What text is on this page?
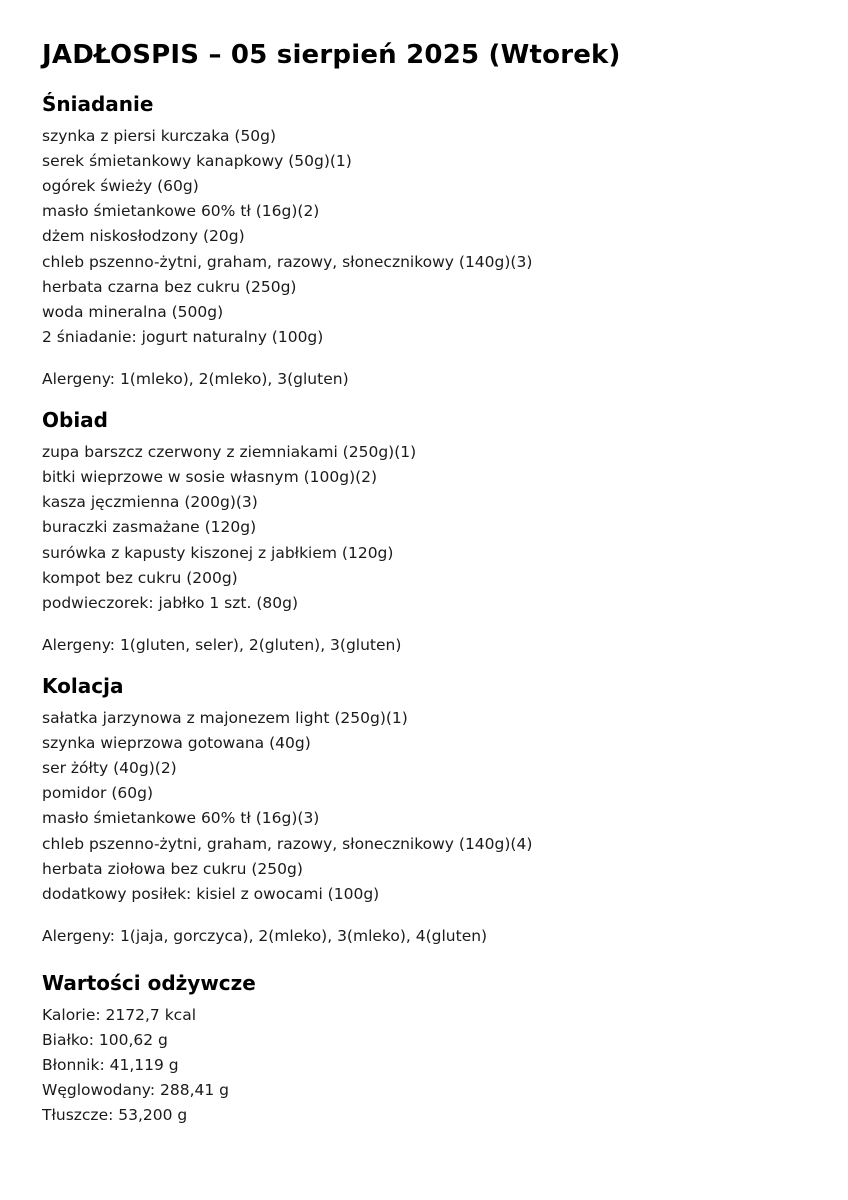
JADŁOSPIS – 05 sierpień 2025 (Wtorek)
Śniadanie
szynka z piersi kurczaka (50g)
serek śmietankowy kanapkowy (50g)(1)
ogórek świeży (60g)
masło śmietankowe 60% tł (16g)(2)
dżem niskosłodzony (20g)
chleb pszenno-żytni, graham, razowy, słonecznikowy (140g)(3)
herbata czarna bez cukru (250g)
woda mineralna (500g)
2 śniadanie: jogurt naturalny (100g)

Alergeny: 1(mleko), 2(mleko), 3(gluten)

Obiad
zupa barszcz czerwony z ziemniakami (250g)(1)
bitki wieprzowe w sosie własnym (100g)(2)
kasza jęczmienna (200g)(3)
buraczki zasmażane (120g)
surówka z kapusty kiszonej z jabłkiem (120g)
kompot bez cukru (200g)
podwieczorek: jabłko 1 szt. (80g)

Alergeny: 1(gluten, seler), 2(gluten), 3(gluten)

Kolacja
sałatka jarzynowa z majonezem light (250g)(1)
szynka wieprzowa gotowana (40g)
ser żółty (40g)(2)
pomidor (60g)
masło śmietankowe 60% tł (16g)(3)
chleb pszenno-żytni, graham, razowy, słonecznikowy (140g)(4)
herbata ziołowa bez cukru (250g)
dodatkowy posiłek: kisiel z owocami (100g)

Alergeny: 1(jaja, gorczyca), 2(mleko), 3(mleko), 4(gluten)

Wartości odżywcze
Kalorie: 2172,7 kcal
Białko: 100,62 g
Błonnik: 41,119 g
Węglowodany: 288,41 g
Tłuszcze: 53,200 g
